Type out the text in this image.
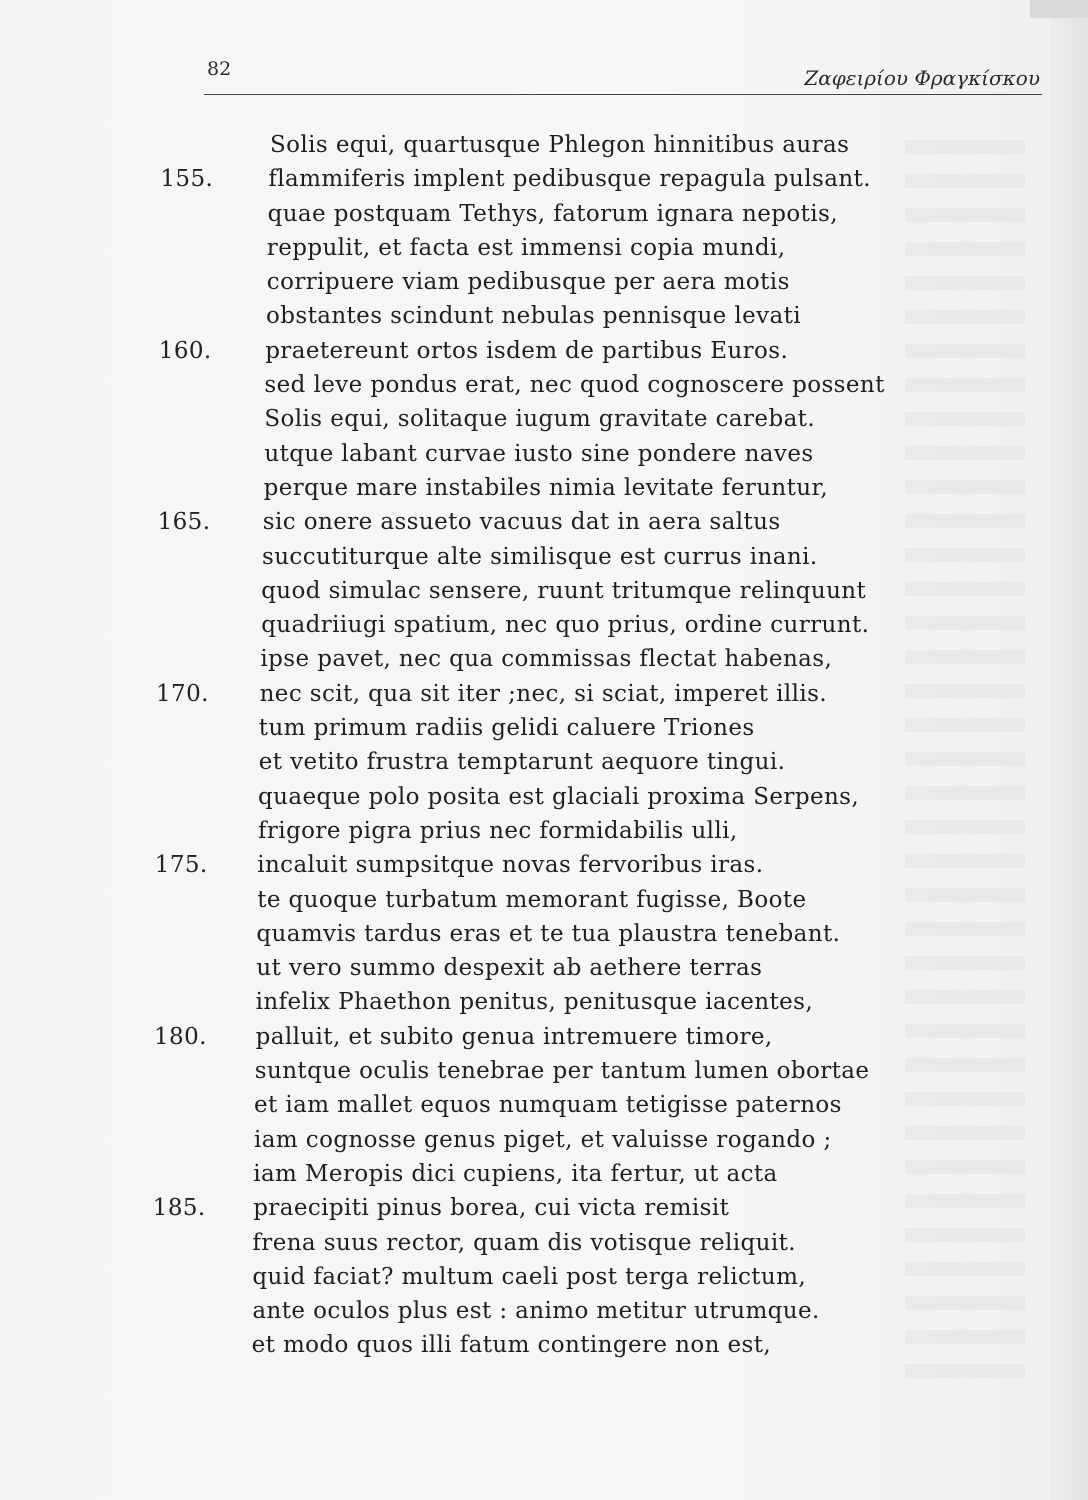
82	Ζαφειρίου Φραγκίσκου
Solis equi, quartusque Phlegon hinnitibus auras
155. flammiferis implent pedibusque repagula pulsant.
quae postquam Tethys, fatorum ignara nepotis,
reppulit, et facta est immensi copia mundi,
corripuere viam pedibusque per aera motis
obstantes scindunt nebulas pennisque levati
160. praetereunt ortos isdem de partibus Euros.
sed leve pondus erat, nec quod cognoscere possent
Solis equi, solitaque iugum gravitate carebat.
utque labant curvae iusto sine pondere naves
perque mare instabiles nimia levitate feruntur,
165. sic onere assueto vacuus dat in aera saltus
succutiturque alte similisque est currus inani.
quod simulac sensere, ruunt tritumque relinquunt
quadriiugi spatium, nec quo prius, ordine currunt.
ipse pavet, nec qua commissas flectat habenas,
170. nec scit, qua sit iter ;nec, si sciat, imperet illis.
tum primum radiis gelidi caluere Triones
et vetito frustra temptarunt aequore tingui.
quaeque polo posita est glaciali proxima Serpens,
frigore pigra prius nec formidabilis ulli,
175. incaluit sumpsitque novas fervoribus iras.
te quoque turbatum memorant fugisse, Boote
quamvis tardus eras et te tua plaustra tenebant.
ut vero summo despexit ab aethere terras
infelix Phaethon penitus, penitusque iacentes,
180. palluit, et subito genua intremuere timore,
suntque oculis tenebrae per tantum lumen obortae
et iam mallet equos numquam tetigisse paternos
iam cognosse genus piget, et valuisse rogando ;
iam Meropis dici cupiens, ita fertur, ut acta
185. praecipiti pinus borea, cui victa remisit
frena suus rector, quam dis votisque reliquit.
quid faciat? multum caeli post terga relictum,
ante oculos plus est : animo metitur utrumque.
et modo quos illi fatum contingere non est,
